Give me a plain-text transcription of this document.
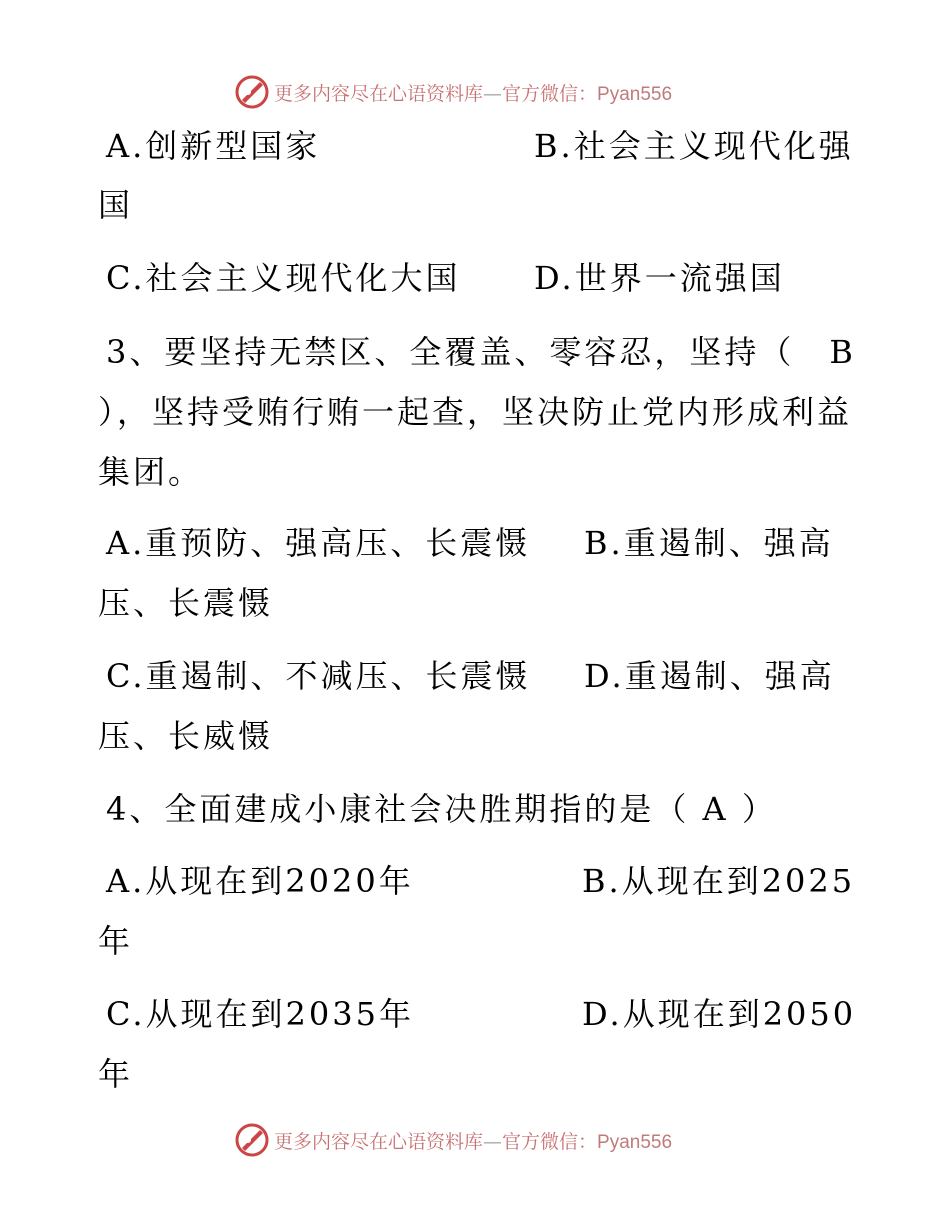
更多内容尽在心语资料库—官方微信：Pyan556
A.创新型国家	B.社会主义现代化强
国
C.社会主义现代化大国 D.世界一流强国
3、要坚持无禁区、全覆盖、零容忍，坚持（　B
），坚持受贿行贿一起查，坚决防止党内形成利益
集团。
A.重预防、强高压、长震慑 B.重遏制、强高
压、长震慑
C.重遏制、不减压、长震慑 D.重遏制、强高
压、长威慑
4、全面建成小康社会决胜期指的是（ A ）
A.从现在到2020年	B.从现在到2025
年
C.从现在到2035年	D.从现在到2050
年
更多内容尽在心语资料库—官方微信：Pyan556
